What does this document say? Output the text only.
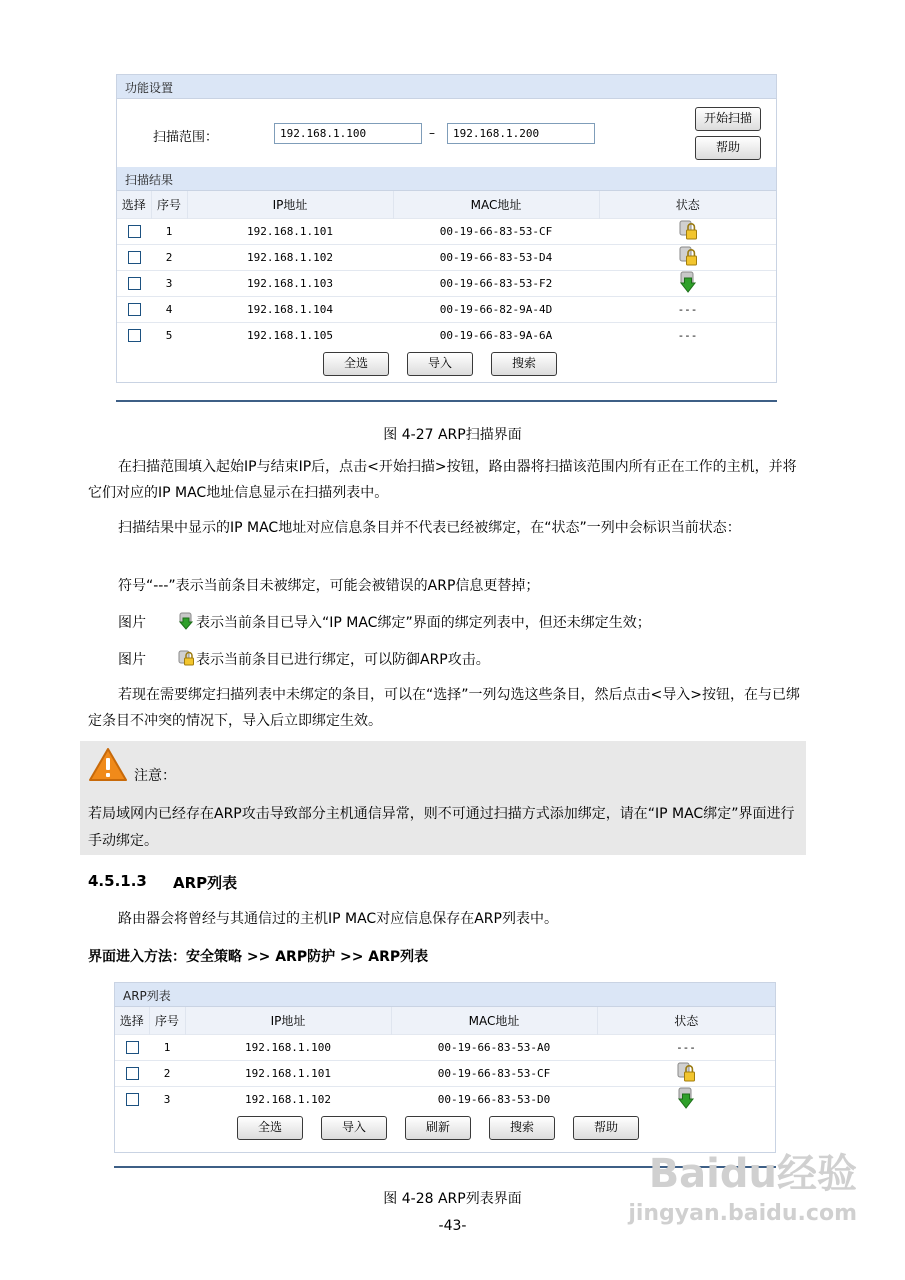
功能设置
扫描范围：	192.168.1.100	–	192.168.1.200
开始扫描
帮助
扫描结果
选择	序号	IP地址	MAC地址	状态
	1	192.168.1.101	00-19-66-83-53-CF	
	2	192.168.1.102	00-19-66-83-53-D4	
	3	192.168.1.103	00-19-66-83-53-F2	
	4	192.168.1.104	00-19-66-82-9A-4D	---
	5	192.168.1.105	00-19-66-83-9A-6A	---
全选	导入	搜索
图 4-27 ARP扫描界面
在扫描范围填入起始IP与结束IP后，点击<开始扫描>按钮，路由器将扫描该范围内所有正在工作的主机，并将它们对应的IP MAC地址信息显示在扫描列表中。
扫描结果中显示的IP MAC地址对应信息条目并不代表已经被绑定，在“状态”一列中会标识当前状态：
符号“---”表示当前条目未被绑定，可能会被错误的ARP信息更替掉；
图片	表示当前条目已导入“IP MAC绑定”界面的绑定列表中，但还未绑定生效；
图片	表示当前条目已进行绑定，可以防御ARP攻击。
若现在需要绑定扫描列表中未绑定的条目，可以在“选择”一列勾选这些条目，然后点击<导入>按钮，在与已绑定条目不冲突的情况下，导入后立即绑定生效。
注意：
若局域网内已经存在ARP攻击导致部分主机通信异常，则不可通过扫描方式添加绑定，请在“IP MAC绑定”界面进行手动绑定。
4.5.1.3 ARP列表
路由器会将曾经与其通信过的主机IP MAC对应信息保存在ARP列表中。
界面进入方法：安全策略 >> ARP防护 >> ARP列表
ARP列表
选择	序号	IP地址	MAC地址	状态
	1	192.168.1.100	00-19-66-83-53-A0	---
	2	192.168.1.101	00-19-66-83-53-CF	
	3	192.168.1.102	00-19-66-83-53-D0	
全选	导入	刷新	搜索	帮助
图 4-28 ARP列表界面
-43-
Baidu经验
jingyan.baidu.com
